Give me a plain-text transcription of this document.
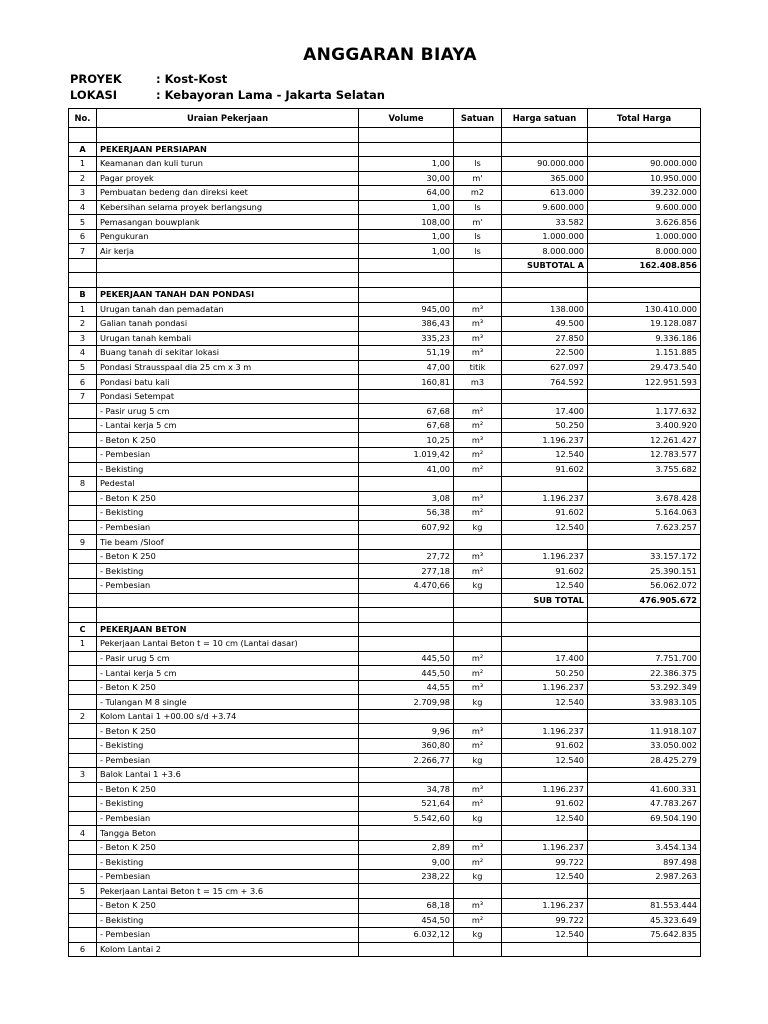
ANGGARAN BIAYA
PROYEK	: Kost-Kost
LOKASI	: Kebayoran Lama - Jakarta Selatan
No.	Uraian Pekerjaan	Volume	Satuan	Harga satuan	Total Harga

A	PEKERJAAN PERSIAPAN				
1	Keamanan dan kuli turun	1,00	ls	90.000.000	90.000.000
2	Pagar proyek	30,00	m'	365.000	10.950.000
3	Pembuatan bedeng dan direksi keet	64,00	m2	613.000	39.232.000
4	Kebersihan selama proyek berlangsung	1,00	ls	9.600.000	9.600.000
5	Pemasangan bouwplank	108,00	m'	33.582	3.626.856
6	Pengukuran	1,00	ls	1.000.000	1.000.000
7	Air kerja	1,00	ls	8.000.000	8.000.000
				SUBTOTAL A	162.408.856

B	PEKERJAAN TANAH DAN PONDASI				
1	Urugan tanah dan pemadatan	945,00	m³	138.000	130.410.000
2	Galian tanah pondasi	386,43	m³	49.500	19.128.087
3	Urugan tanah kembali	335,23	m³	27.850	9.336.186
4	Buang tanah di sekitar lokasi	51,19	m³	22.500	1.151.885
5	Pondasi Strausspaal dia 25 cm x 3 m	47,00	titik	627.097	29.473.540
6	Pondasi batu kali	160,81	m3	764.592	122.951.593
7	Pondasi Setempat				
	- Pasir urug 5 cm	67,68	m²	17.400	1.177.632
	- Lantai kerja 5 cm	67,68	m²	50.250	3.400.920
	- Beton K 250	10,25	m³	1.196.237	12.261.427
	- Pembesian	1.019,42	m²	12.540	12.783.577
	- Bekisting	41,00	m²	91.602	3.755.682
8	Pedestal				
	- Beton K 250	3,08	m³	1.196.237	3.678.428
	- Bekisting	56,38	m²	91.602	5.164.063
	- Pembesian	607,92	kg	12.540	7.623.257
9	Tie beam /Sloof				
	- Beton K 250	27,72	m³	1.196.237	33.157.172
	- Bekisting	277,18	m²	91.602	25.390.151
	- Pembesian	4.470,66	kg	12.540	56.062.072
				SUB TOTAL	476.905.672

C	PEKERJAAN BETON				
1	Pekerjaan Lantai Beton t = 10 cm (Lantai dasar)				
	- Pasir urug 5 cm	445,50	m²	17.400	7.751.700
	- Lantai kerja 5 cm	445,50	m²	50.250	22.386.375
	- Beton K 250	44,55	m³	1.196.237	53.292.349
	- Tulangan M 8 single	2.709,98	kg	12.540	33.983.105
2	Kolom Lantai 1 +00.00 s/d +3.74				
	- Beton K 250	9,96	m³	1.196.237	11.918.107
	- Bekisting	360,80	m²	91.602	33.050.002
	- Pembesian	2.266,77	kg	12.540	28.425.279
3	Balok Lantai 1 +3.6				
	- Beton K 250	34,78	m³	1.196.237	41.600.331
	- Bekisting	521,64	m²	91.602	47.783.267
	- Pembesian	5.542,60	kg	12.540	69.504.190
4	Tangga Beton				
	- Beton K 250	2,89	m³	1.196.237	3.454.134
	- Bekisting	9,00	m²	99.722	897.498
	- Pembesian	238,22	kg	12.540	2.987.263
5	Pekerjaan Lantai Beton t = 15 cm + 3.6				
	- Beton K 250	68,18	m³	1.196.237	81.553.444
	- Bekisting	454,50	m²	99.722	45.323.649
	- Pembesian	6.032,12	kg	12.540	75.642.835
6	Kolom Lantai 2				
